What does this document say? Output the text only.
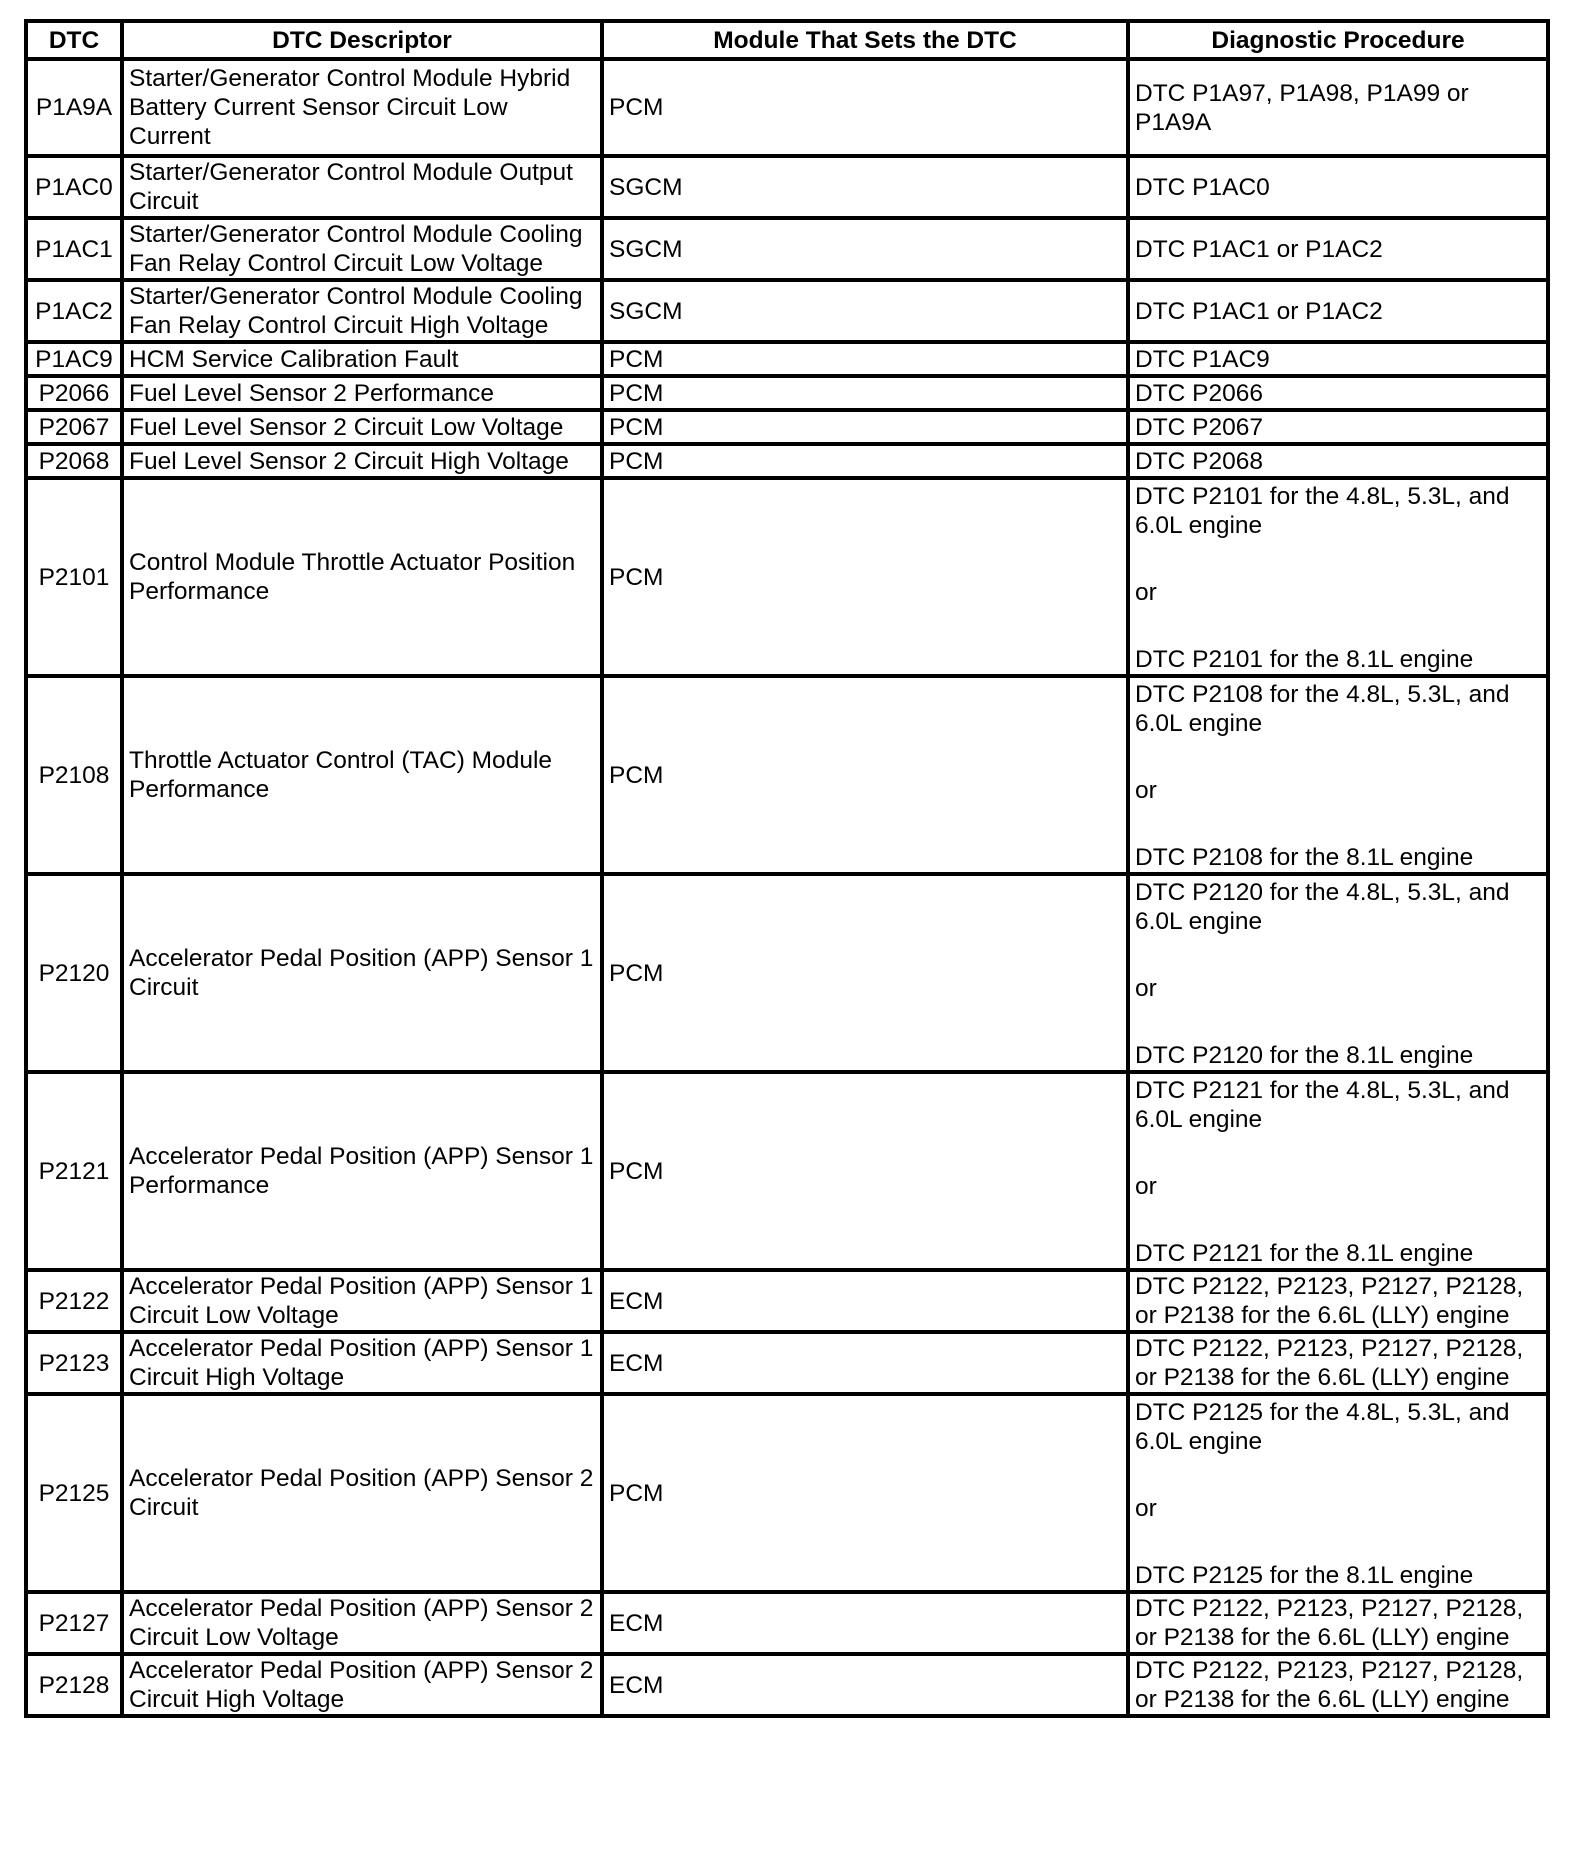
DTC	DTC Descriptor	Module That Sets the DTC	Diagnostic Procedure
P1A9A	Starter/Generator Control Module Hybrid Battery Current Sensor Circuit Low Current	PCM	DTC P1A97, P1A98, P1A99 or P1A9A

P1AC0	Starter/Generator Control Module Output Circuit	SGCM	DTC P1AC0

P1AC1	Starter/Generator Control Module Cooling Fan Relay Control Circuit Low Voltage	SGCM	DTC P1AC1 or P1AC2

P1AC2	Starter/Generator Control Module Cooling Fan Relay Control Circuit High Voltage	SGCM	DTC P1AC1 or P1AC2

P1AC9	HCM Service Calibration Fault	PCM	DTC P1AC9

P2066	Fuel Level Sensor 2 Performance	PCM	DTC P2066

P2067	Fuel Level Sensor 2 Circuit Low Voltage	PCM	DTC P2067

P2068	Fuel Level Sensor 2 Circuit High Voltage	PCM	DTC P2068

P2101	Control Module Throttle Actuator Position Performance	PCM	DTC P2101 for the 4.8L, 5.3L, and 6.0L engine
or
DTC P2101 for the 8.1L engine

P2108	Throttle Actuator Control (TAC) Module Performance	PCM	DTC P2108 for the 4.8L, 5.3L, and 6.0L engine
or
DTC P2108 for the 8.1L engine

P2120	Accelerator Pedal Position (APP) Sensor 1 Circuit	PCM	DTC P2120 for the 4.8L, 5.3L, and 6.0L engine
or
DTC P2120 for the 8.1L engine

P2121	Accelerator Pedal Position (APP) Sensor 1 Performance	PCM	DTC P2121 for the 4.8L, 5.3L, and 6.0L engine
or
DTC P2121 for the 8.1L engine

P2122	Accelerator Pedal Position (APP) Sensor 1 Circuit Low Voltage	ECM	DTC P2122, P2123, P2127, P2128, or P2138 for the 6.6L (LLY) engine

P2123	Accelerator Pedal Position (APP) Sensor 1 Circuit High Voltage	ECM	DTC P2122, P2123, P2127, P2128, or P2138 for the 6.6L (LLY) engine

P2125	Accelerator Pedal Position (APP) Sensor 2 Circuit	PCM	DTC P2125 for the 4.8L, 5.3L, and 6.0L engine
or
DTC P2125 for the 8.1L engine

P2127	Accelerator Pedal Position (APP) Sensor 2 Circuit Low Voltage	ECM	DTC P2122, P2123, P2127, P2128, or P2138 for the 6.6L (LLY) engine

P2128	Accelerator Pedal Position (APP) Sensor 2 Circuit High Voltage	ECM	DTC P2122, P2123, P2127, P2128, or P2138 for the 6.6L (LLY) engine
